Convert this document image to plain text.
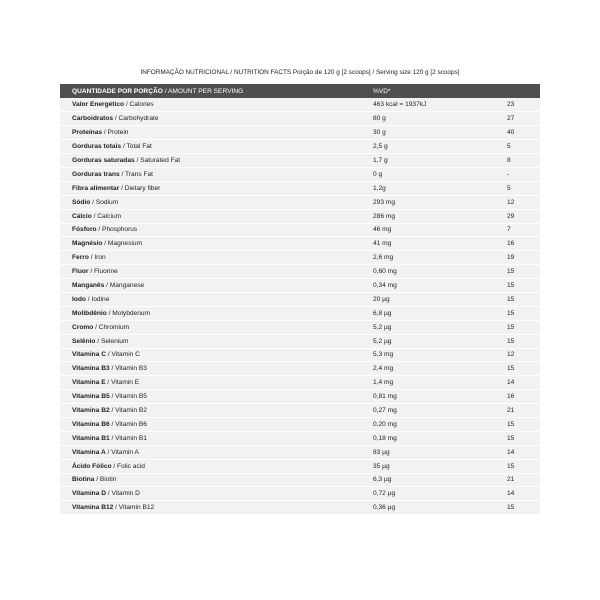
INFORMAÇÃO NUTRICIONAL / NUTRITION FACTS Porção de 120 g [2 scoops] / Serving size 120 g [2 scoops]
QUANTIDADE POR PORÇÃO / AMOUNT PER SERVING	%VD*	
Valor Energético / Calories	463 kcal = 1937kJ	23
Carboidratos / Carbohydrate	80 g	27
Proteínas / Protein	30 g	40
Gorduras totais / Total Fat	2,5 g	5
Gorduras saturadas / Saturated Fat	1,7 g	8
Gorduras trans / Trans Fat	0 g	-
Fibra alimentar / Dietary fiber	1,2g	5
Sódio / Sodium	293 mg	12
Cálcio / Calcium	286 mg	29
Fósforo / Phosphorus	46 mg	7
Magnésio / Magnesium	41 mg	16
Ferro / Iron	2,6 mg	19
Fluor / Fluorine	0,60 mg	15
Manganês / Manganese	0,34 mg	15
Iodo / Iodine	20 µg	15
Molibdênio / Molybdenum	6,8 µg	15
Cromo / Chromium	5,2 µg	15
Selênio / Selenium	5,2 µg	15
Vitamina C / Vitamin C	5,3 mg	12
Vitamina B3 / Vitamin B3	2,4 mg	15
Vitamina E / Vitamin E	1,4 mg	14
Vitamina B5 / Vitamin B5	0,81 mg	16
Vitamina B2 / Vitamin B2	0,27 mg	21
Vitamina B6 / Vitamin B6	0,20 mg	15
Vitamina B1 / Vitamin B1	0,18 mg	15
Vitamina A / Vitamin A	83 µg	14
Ácido Fólico / Folic acid	35 µg	15
Biotina / Biotin	6,3 µg	21
Vitamina D / Vitamin D	0,72 µg	14
Vitamina B12 / Vitamin B12	0,36 µg	15
